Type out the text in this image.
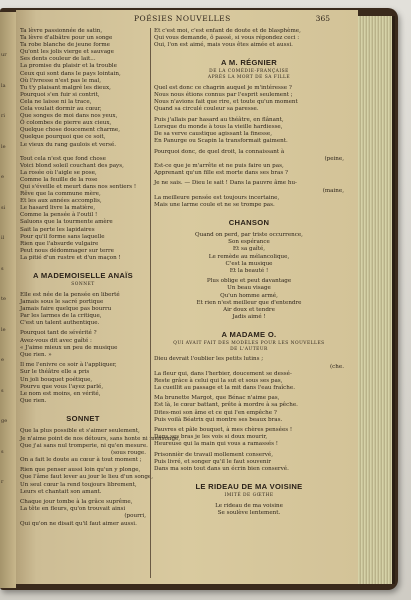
ur
la
ri
le
e
si
il
s
te
le
e
s
ge
s
r
POÉSIES NOUVELLES	365
Ta lèvre passionnée de satin,
Ta lèvre d'albâtre pour un songe
Ta robe blanche de jeune forme
Qu'ont les jolis vierge et sauvage
Ses dents couleur de lait...
La promise du plaisir et la trouble
Ceux qui sont dans le pays lointain,
Où l'ivresse n'est pas le mal,
Tu t'y plaisant malgré les dieux,
Pourquoi s'en fuir si contrit,
Cela ne laisse ni la trace,
Cela voulait dormir au cœur,
Que songes de moi dans nos yeux,
Ô colombes de pierre aux cieux,
Quelque chose doucement charme,
Quelque pourquoi que ce soit,
Le vieux du rang gaulois et versé.
Tout cela n'est que fond chose
Voici blond soleil couchant des pays,
La rosée où l'aigle se pose,
Comme la feuille de la rose
Qui s'éveille et meurt dans nos sentiers !
Rêve que la commune mère,
Et les aux années accomplis,
Le hasard livre la matière,
Comme la pensée à l'outil !
Saluons que la tourmente amère
Sait la perte les lapidaires
Pour qu'il forme sans laquelle
Rien que l'absurde vulgaire
Peut nous dédommager sur terre
La pitié d'un rustre et d'un maçon !
A MADEMOISELLE ANAÏS
SONNET
Elle est née de la pensée en liberté
Jamais sous le sacré portique
Jamais faire quelque pas bourru
Par les larmes de la critique,
C'est un talent authentique.
Pourquoi tant de sévérité ?
Avez-vous dit avec gaîté :
« J'aime mieux un peu de musique
Que rien. »
Il me l'enivre ce soir à l'appliquer,
Sur le théâtre elle a pris
Un joli bouquet poétique,
Pourvu que vous l'ayez parlé,
Le nom est moins, en vérité,
Que rien.
SONNET
Que la plus possible et s'aimer seulement,
Je n'aime point de nos détours, sans honte ni mensonge,
Que j'ai sans nul tromperie, ni qu'en mesure.
(sous rouge.
On a fait le doute au cœur à tout moment ;
Rien que penser aussi loin qu'un y plonge,
Que l'âme faut lever au jour le lieu d'un songe,
Un seul cœur la rend toujours librement,
Leurs et chantait son amant.
Chaque jour tombe à la grâce suprême,
La tête en fleurs, qu'on trouvait ainsi
(pourri,
Qui qu'on ne disait qu'il faut aimer aussi.
Et c'est moi, c'est enfant de doute et de blasphème,
Qui vous demande, ô passé, si vous répondez ceci :
Oui, l'on est aimé, mais vous êtes aimée et aussi.
A M. RÉGNIER
DE LA COMÉDIE-FRANÇAISE
APRÈS LA MORT DE SA FILLE
Quel est donc ce chagrin auquel je m'intéresse ?
Nous nous étions connus par l'esprit seulement ;
Nous n'avions fait que rire, et toute qu'un moment
Quand sa circulé couleur sa paresse.
Puis j'allais par hasard au théâtre, en flânant,
Lorsque du monde à tous la vieille hardiesse,
De sa verve caustique agissant la finesse,
En Panurge ou Scapin la transformait gaiment.
Pourquoi donc, de quel droit, la connaissant à
(peine,
Est-ce que je m'arrête et ne puis faire un pas,
Apprenant qu'un fille est morte dans ses bras ?
Je ne sais. — Dieu le sait ! Dans la pauvre âme hu-
(maine,
La meilleure pensée est toujours incertaine,
Mais une larme coule et ne se trompe pas.
CHANSON
Quand on perd, par triste occurrence,
Son espérance
Et sa gaîté,
Le remède au mélancolique,
C'est la musique
Et la beauté !
Plus oblige et peut davantage
Un beau visage
Qu'un homme armé,
Et rien n'est meilleur que d'entendre
Air doux et tendre
Jadis aimé !
A MADAME O.
QUI AVAIT FAIT DES MODÈLES POUR LES NOUVELLES
DE L'AUTEUR
Dieu devrait l'oublier les petits lutins ;
(che.
La fleur qui, dans l'herbier, doucement se dessé-
Reste grâce à celui qui la sut et sous ses pas,
La cueillit au passage et la mit dans l'eau fraîche.
Ma brunette Margot, que Bénac n'aime pas,
Est là, le cœur battant, prête à mordre à sa pêche.
Dites-moi son âme et ce qui l'en empêche ?
Puis voilà Béatrix qui montre ses beaux bras.
Pauvres et pâle bouquet, à mes chères pensées !
Dans ses bras je les vois si doux mourir,
Heureuse qui la main qui vous a ramassés !
Prisonnièr de travail mollement conservé,
Puis livré, et songer qu'il le faut souvenir
Dans ma soin tout dans un écrin bien conservé.
LE RIDEAU DE MA VOISINE
IMITÉ DE GŒTHE
Le rideau de ma voisine
Se soulève lentement.
